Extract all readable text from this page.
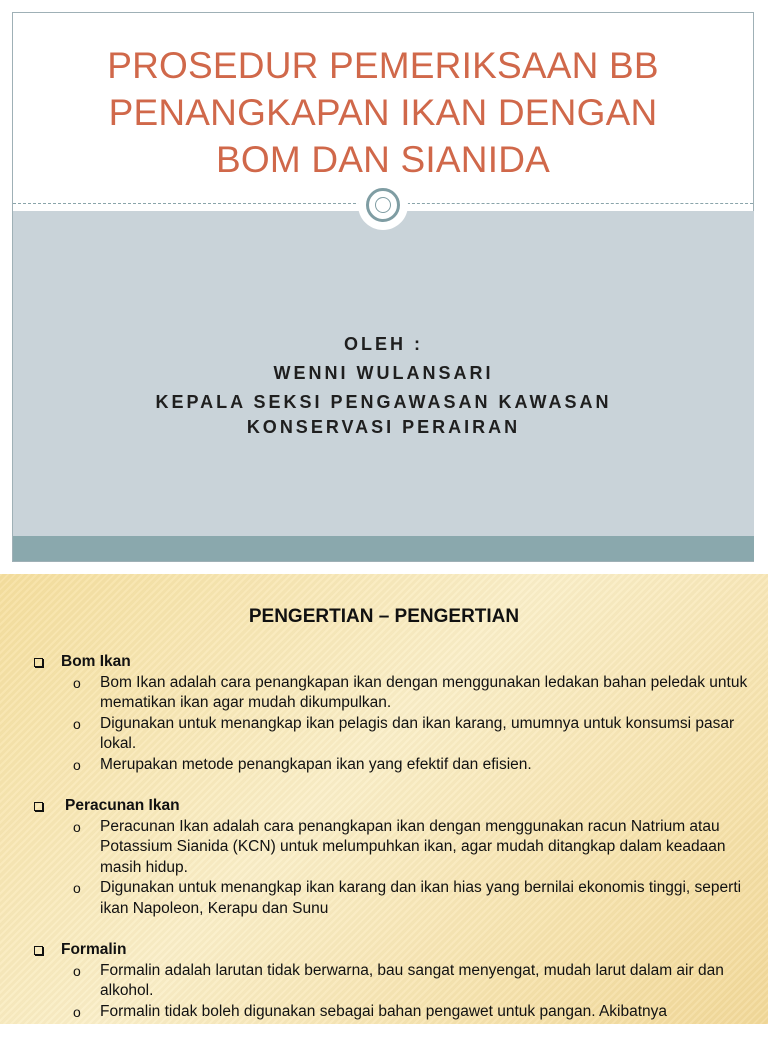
PROSEDUR PEMERIKSAAN BB
PENANGKAPAN IKAN DENGAN
BOM DAN SIANIDA
OLEH :
WENNI WULANSARI
KEPALA SEKSI PENGAWASAN KAWASAN
KONSERVASI PERAIRAN
PENGERTIAN – PENGERTIAN
Bom Ikan
o Bom Ikan adalah cara penangkapan ikan dengan menggunakan ledakan bahan peledak untuk mematikan ikan agar mudah dikumpulkan.
o Digunakan untuk menangkap ikan pelagis dan ikan karang, umumnya untuk konsumsi pasar lokal.
o Merupakan metode penangkapan ikan yang efektif dan efisien.
Peracunan Ikan
o Peracunan Ikan adalah cara penangkapan ikan dengan menggunakan racun Natrium atau Potassium Sianida (KCN) untuk melumpuhkan ikan, agar mudah ditangkap dalam keadaan masih hidup.
o Digunakan untuk menangkap ikan karang dan ikan hias yang bernilai ekonomis tinggi, seperti ikan Napoleon, Kerapu dan Sunu
Formalin
o Formalin adalah larutan tidak berwarna, bau sangat menyengat, mudah larut dalam air dan alkohol.
o Formalin tidak boleh digunakan sebagai bahan pengawet untuk pangan. Akibatnya
